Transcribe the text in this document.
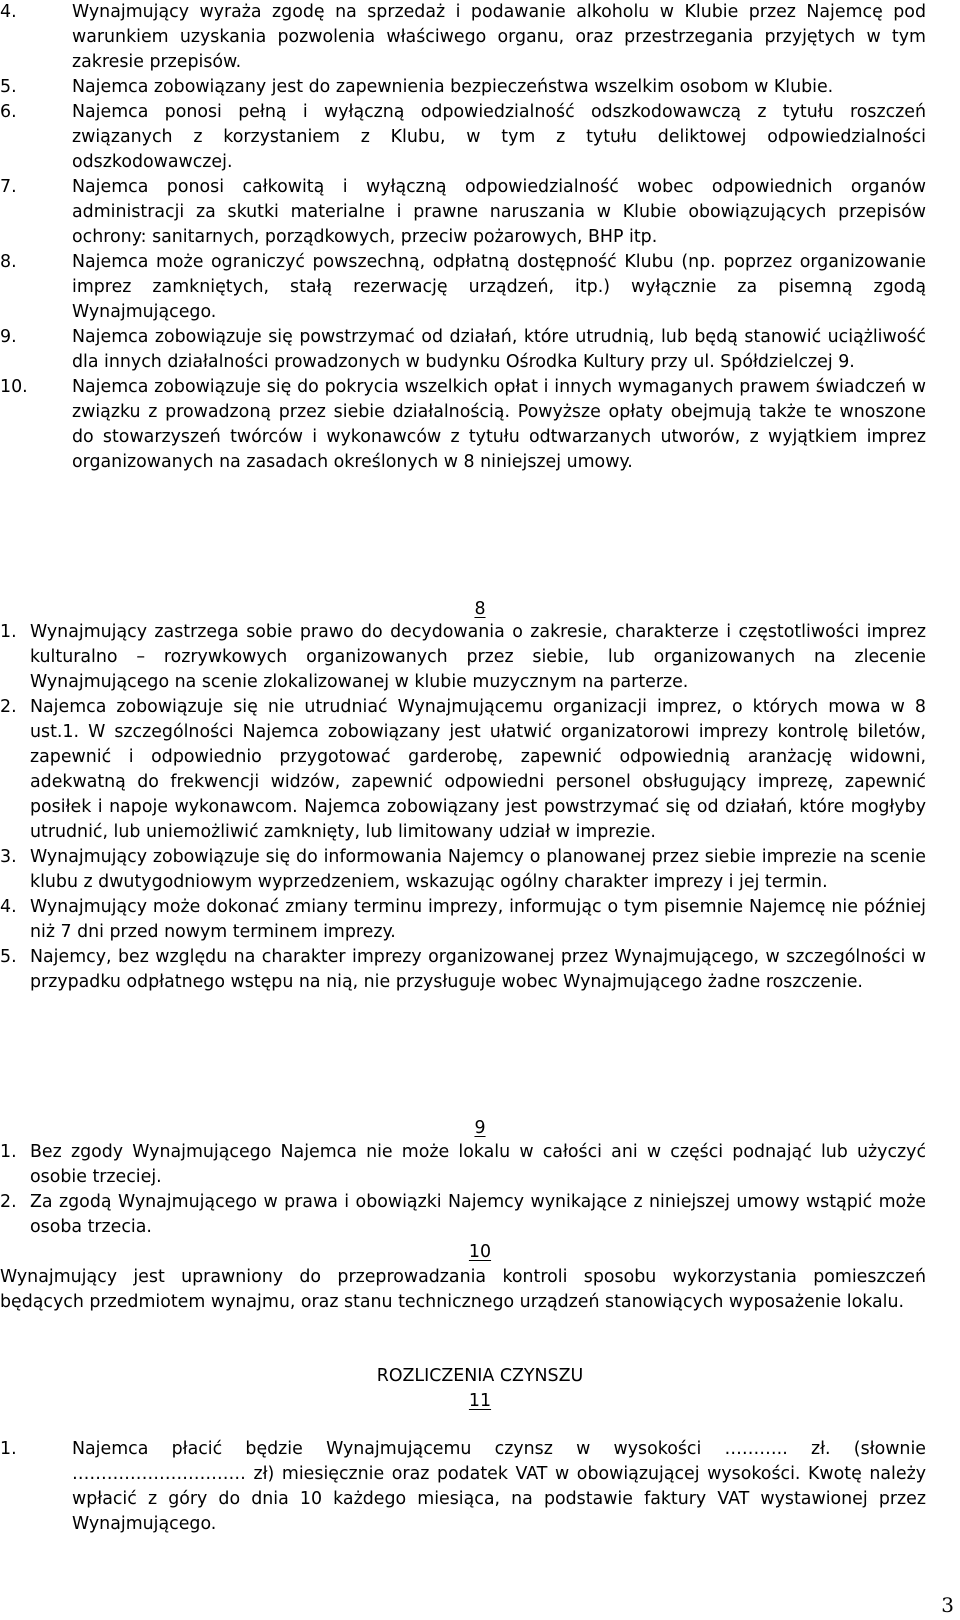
4.	Wynajmujący wyraża zgodę na sprzedaż i podawanie alkoholu w Klubie przez Najemcę pod warunkiem uzyskania pozwolenia właściwego organu, oraz przestrzegania przyjętych w tym zakresie przepisów.
5.	Najemca zobowiązany jest do zapewnienia bezpieczeństwa wszelkim osobom w Klubie.
6.	Najemca ponosi pełną i wyłączną odpowiedzialność odszkodowawczą z tytułu roszczeń związanych z korzystaniem z Klubu, w tym z tytułu deliktowej odpowiedzialności odszkodowawczej.
7.	Najemca ponosi całkowitą i wyłączną odpowiedzialność wobec odpowiednich organów administracji za skutki materialne i prawne naruszania w Klubie obowiązujących przepisów ochrony: sanitarnych, porządkowych, przeciw pożarowych, BHP itp.
8.	Najemca może ograniczyć powszechną, odpłatną dostępność Klubu (np. poprzez organizowanie imprez zamkniętych, stałą rezerwację urządzeń, itp.) wyłącznie za pisemną zgodą Wynajmującego.
9.	Najemca zobowiązuje się powstrzymać od działań, które utrudnią, lub będą stanowić uciążliwość dla innych działalności prowadzonych w budynku Ośrodka Kultury przy ul. Spółdzielczej 9.
10.	Najemca zobowiązuje się do pokrycia wszelkich opłat i innych wymaganych prawem świadczeń w związku z prowadzoną przez siebie działalnością. Powyższe opłaty obejmują także te wnoszone do stowarzyszeń twórców i wykonawców z tytułu odtwarzanych utworów, z wyjątkiem imprez organizowanych na zasadach określonych w 8 niniejszej umowy.
8
1. Wynajmujący zastrzega sobie prawo do decydowania o zakresie, charakterze i częstotliwości imprez kulturalno – rozrywkowych organizowanych przez siebie, lub organizowanych na zlecenie Wynajmującego na scenie zlokalizowanej w klubie muzycznym na parterze.
2. Najemca zobowiązuje się nie utrudniać Wynajmującemu organizacji imprez, o których mowa w 8 ust.1. W szczególności Najemca zobowiązany jest ułatwić organizatorowi imprezy kontrolę biletów, zapewnić i odpowiednio przygotować garderobę, zapewnić odpowiednią aranżację widowni, adekwatną do frekwencji widzów, zapewnić odpowiedni personel obsługujący imprezę, zapewnić posiłek i napoje wykonawcom. Najemca zobowiązany jest powstrzymać się od działań, które mogłyby utrudnić, lub uniemożliwić zamknięty, lub limitowany udział w imprezie.
3. Wynajmujący zobowiązuje się do informowania Najemcy o planowanej przez siebie imprezie na scenie klubu z dwutygodniowym wyprzedzeniem, wskazując ogólny charakter imprezy i jej termin.
4. Wynajmujący może dokonać zmiany terminu imprezy, informując o tym pisemnie Najemcę nie później niż 7 dni przed nowym terminem imprezy.
5. Najemcy, bez względu na charakter imprezy organizowanej przez Wynajmującego, w szczególności w przypadku odpłatnego wstępu na nią, nie przysługuje wobec Wynajmującego żadne roszczenie.
9
1. Bez zgody Wynajmującego Najemca nie może lokalu w całości ani w części podnająć lub użyczyć osobie trzeciej.
2. Za zgodą Wynajmującego w prawa i obowiązki Najemcy wynikające z niniejszej umowy wstąpić może osoba trzecia.
10

Wynajmujący jest uprawniony do przeprowadzania kontroli sposobu wykorzystania pomieszczeń będących przedmiotem wynajmu, oraz stanu technicznego urządzeń stanowiących wyposażenie lokalu.

ROZLICZENIA CZYNSZU
11
1.	Najemca płacić będzie Wynajmującemu czynsz w wysokości ……….. zł. (słownie ………………………… zł) miesięcznie oraz podatek VAT w obowiązującej wysokości. Kwotę należy wpłacić z góry do dnia 10 każdego miesiąca, na podstawie faktury VAT wystawionej przez Wynajmującego.
3
